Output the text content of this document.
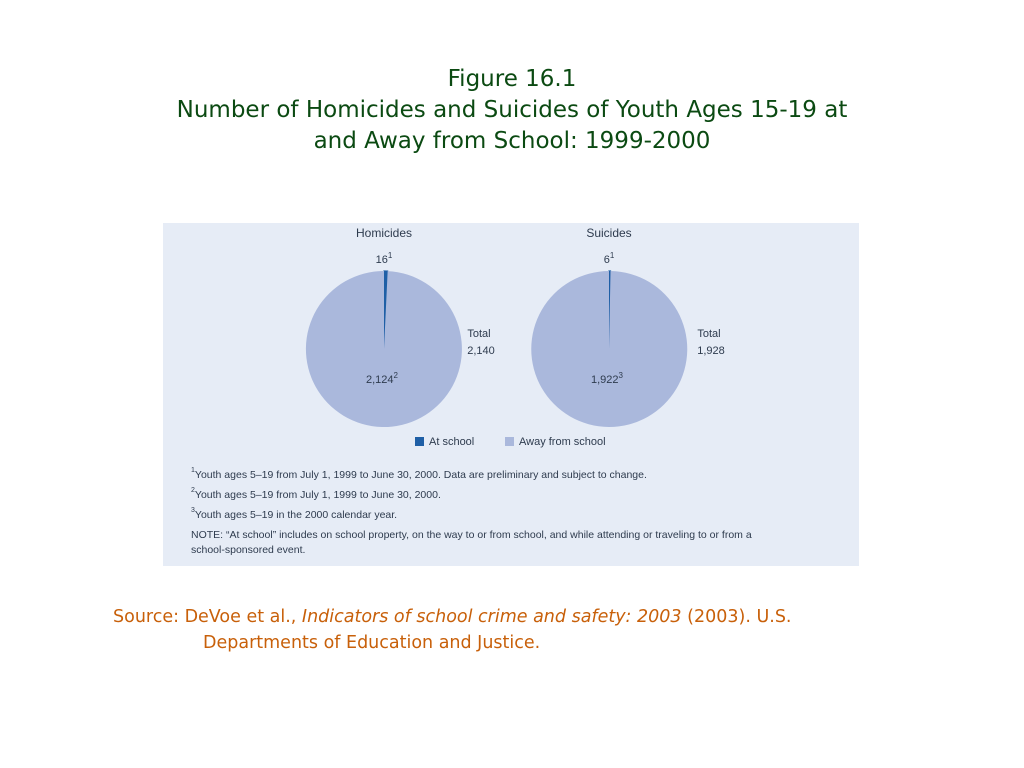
Figure 16.1
Number of Homicides and Suicides of Youth Ages 15-19 at
and Away from School: 1999-2000
Homicides
$16^1$
2,124$^2$
Total
2,140
Suicides
$6^1$
1,922$^3$
Total
1,928
At school	Away from school
$^1$Youth ages 5–19 from July 1, 1999 to June 30, 2000. Data are preliminary and subject to change.
$^2$Youth ages 5–19 from July 1, 1999 to June 30, 2000.
$^3$Youth ages 5–19 in the 2000 calendar year.
NOTE: “At school” includes on school property, on the way to or from school, and while attending or traveling to or from a
school-sponsored event.
Source: DeVoe et al., Indicators of school crime and safety: 2003 (2003). U.S.
Departments of Education and Justice.
